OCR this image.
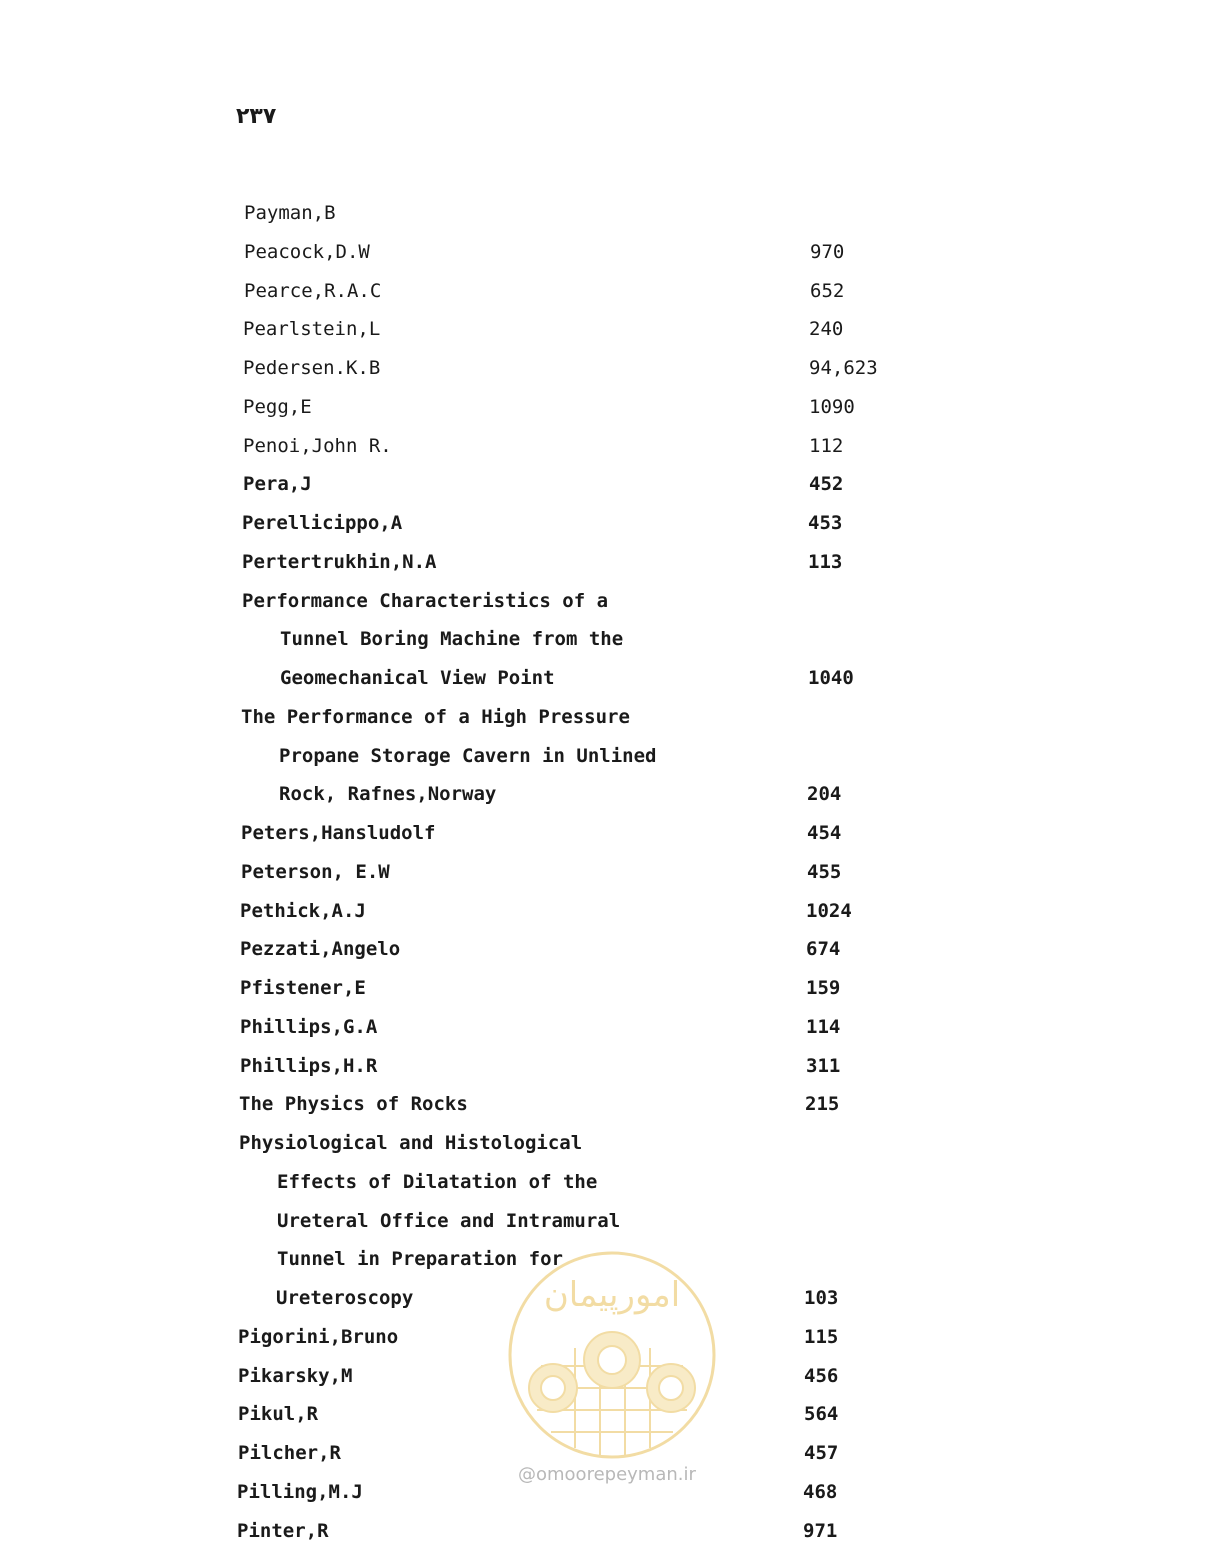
۲۳۷
Payman,B
Peacock,D.W	970
Pearce,R.A.C	652
Pearlstein,L	240
Pedersen.K.B	94,623
Pegg,E	1090
Penoi,John R.	112
Pera,J	452
Perellicippo,A	453
Pertertrukhin,N.A	113
Performance Characteristics of a
Tunnel Boring Machine from the
Geomechanical View Point	1040
The Performance of a High Pressure
Propane Storage Cavern in Unlined
Rock, Rafnes,Norway	204
Peters,Hansludolf	454
Peterson, E.W	455
Pethick,A.J	1024
Pezzati,Angelo	674
Pfistener,E	159
Phillips,G.A	114
Phillips,H.R	311
The Physics of Rocks	215
Physiological and Histological
Effects of Dilatation of the
Ureteral Office and Intramural
Tunnel in Preparation for
Ureteroscopy	103
Pigorini,Bruno	115
Pikarsky,M	456
Pikul,R	564
Pilcher,R	457
Pilling,M.J	468
Pinter,R	971
امورپیمان
@omoorepeyman.ir
